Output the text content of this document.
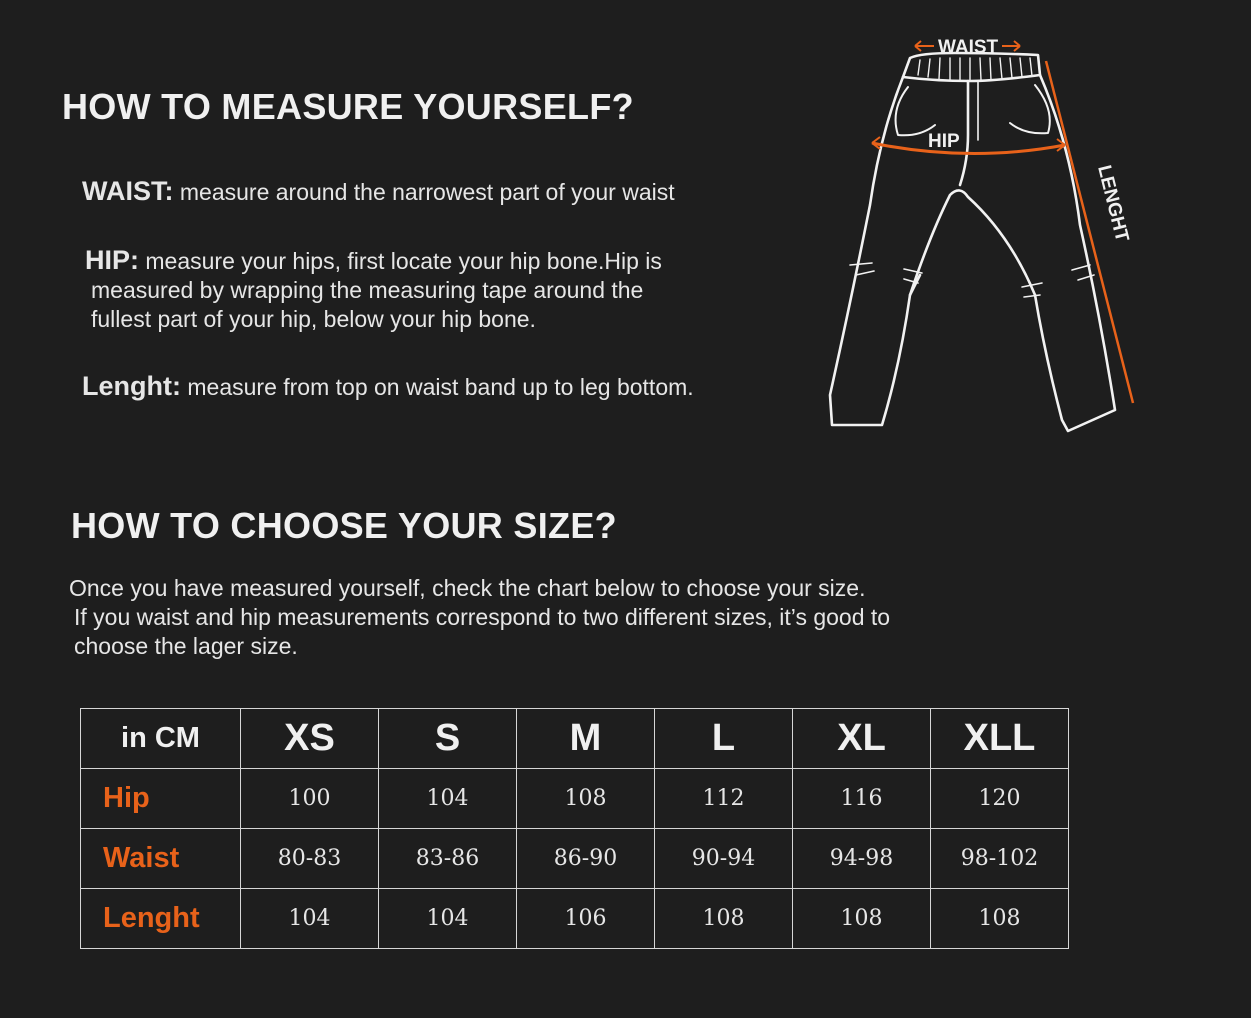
HOW TO MEASURE YOURSELF?
WAIST: measure around the narrowest part of your waist
HIP: measure your hips, first locate your hip bone.Hip is
measured by wrapping the measuring tape around the
fullest part of your hip, below your hip bone.
Lenght: measure from top on waist band up to leg bottom.
WAIST
HIP
LENGHT
HOW TO CHOOSE YOUR SIZE?
Once you have measured yourself, check the chart below to choose your size.
If you waist and hip measurements correspond to two different sizes, it’s good to
choose the lager size.
in CM	XS	S	M	L	XL	XLL
Hip	100	104	108	112	116	120
Waist	80-83	83-86	86-90	90-94	94-98	98-102
Lenght	104	104	106	108	108	108
